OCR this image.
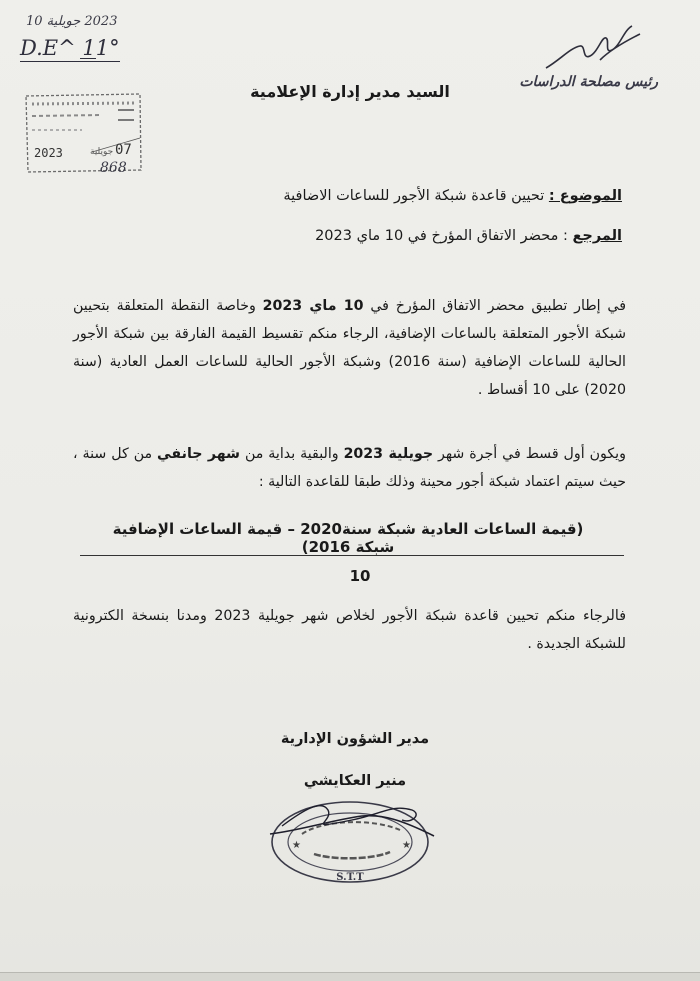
2023 جويلية 10
D.E^ 11°
2023	جويلية 07
868
رئيس مصلحة الدراسات
السيد مدير إدارة الإعلامية
الموضوع : تحيين قاعدة شبكة الأجور للساعات الاضافية
المرجع : محضر الاتفاق المؤرخ في 10 ماي 2023
في إطار تطبيق محضر الاتفاق المؤرخ في 10 ماي 2023 وخاصة النقطة المتعلقة بتحيين شبكة الأجور المتعلقة بالساعات الإضافية، الرجاء منكم تقسيط القيمة الفارقة بين شبكة الأجور الحالية للساعات الإضافية (سنة 2016) وشبكة الأجور الحالية للساعات العمل العادية (سنة 2020) على 10 أقساط .
ويكون أول قسط في أجرة شهر جويلية 2023 والبقية بداية من شهر جانفي من كل سنة ، حيث سيتم اعتماد شبكة أجور محينة وذلك طبقا للقاعدة التالية :
(قيمة الساعات العادية شبكة سنة2020 – قيمة الساعات الإضافية شبكة 2016)
10
فالرجاء منكم تحيين قاعدة شبكة الأجور لخلاص شهر جويلية 2023 ومدنا بنسخة الكترونية للشبكة الجديدة .
مدير الشؤون الإدارية
منير العكايشي
★	★
S.T.T
